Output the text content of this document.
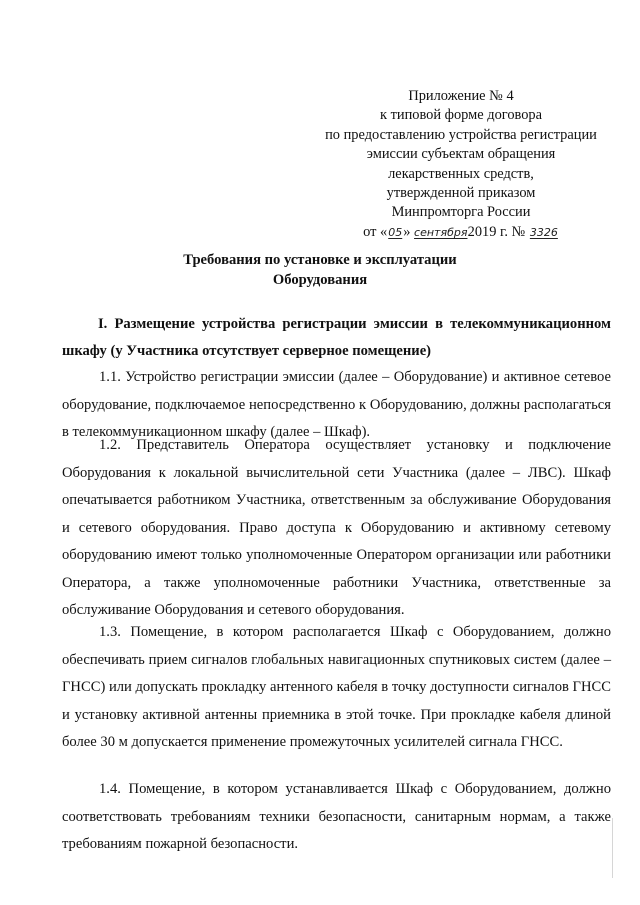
Приложение № 4
к типовой форме договора
по предоставлению устройства регистрации
эмиссии субъектам обращения
лекарственных средств,
утвержденной приказом
Минпромторга России
от «05» сентября 2019 г. № 3326
Требования по установке и эксплуатации
Оборудования
I. Размещение устройства регистрации эмиссии в телекоммуникационном шкафу (у Участника отсутствует серверное помещение)

1.1. Устройство регистрации эмиссии (далее – Оборудование) и активное сетевое оборудование, подключаемое непосредственно к Оборудованию, должны располагаться в телекоммуникационном шкафу (далее – Шкаф).

1.2. Представитель Оператора осуществляет установку и подключение Оборудования к локальной вычислительной сети Участника (далее – ЛВС). Шкаф опечатывается работником Участника, ответственным за обслуживание Оборудования и сетевого оборудования. Право доступа к Оборудованию и активному сетевому оборудованию имеют только уполномоченные Оператором организации или работники Оператора, а также уполномоченные работники Участника, ответственные за обслуживание Оборудования и сетевого оборудования.

1.3. Помещение, в котором располагается Шкаф с Оборудованием, должно обеспечивать прием сигналов глобальных навигационных спутниковых систем (далее – ГНСС) или допускать прокладку антенного кабеля в точку доступности сигналов ГНСС и установку активной антенны приемника в этой точке. При прокладке кабеля длиной более 30 м допускается применение промежуточных усилителей сигнала ГНСС.

1.4. Помещение, в котором устанавливается Шкаф с Оборудованием, должно соответствовать требованиям техники безопасности, санитарным нормам, а также требованиям пожарной безопасности.
